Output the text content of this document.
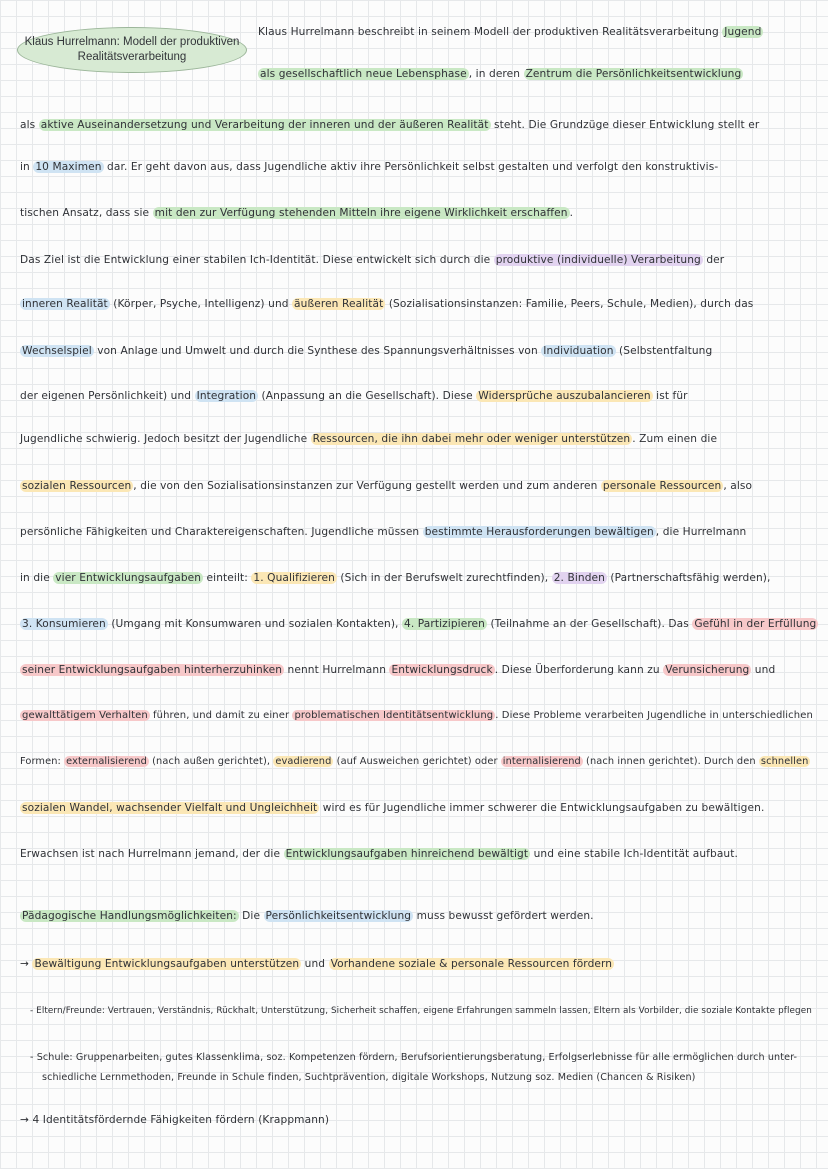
Klaus Hurrelmann: Modell der produktiven Realitätsverarbeitung
Klaus Hurrelmann beschreibt in seinem Modell der produktiven Realitätsverarbeitung Jugend
als gesellschaftlich neue Lebensphase , in deren Zentrum die Persönlichkeitsentwicklung
als aktive Auseinandersetzung und Verarbeitung der inneren und der äußeren Realität steht. Die Grundzüge dieser Entwicklung stellt er
in 10 Maximen dar. Er geht davon aus, dass Jugendliche aktiv ihre Persönlichkeit selbst gestalten und verfolgt den konstruktivis-
tischen Ansatz, dass sie mit den zur Verfügung stehenden Mitteln ihre eigene Wirklichkeit erschaffen .
Das Ziel ist die Entwicklung einer stabilen Ich-Identität. Diese entwickelt sich durch die produktive (individuelle) Verarbeitung der
inneren Realität (Körper, Psyche, Intelligenz) und äußeren Realität (Sozialisationsinstanzen: Familie, Peers, Schule, Medien), durch das
Wechselspiel von Anlage und Umwelt und durch die Synthese des Spannungsverhältnisses von Individuation (Selbstentfaltung
der eigenen Persönlichkeit) und Integration (Anpassung an die Gesellschaft). Diese Widersprüche auszubalancieren ist für
Jugendliche schwierig. Jedoch besitzt der Jugendliche Ressourcen, die ihn dabei mehr oder weniger unterstützen . Zum einen die
sozialen Ressourcen , die von den Sozialisationsinstanzen zur Verfügung gestellt werden und zum anderen personale Ressourcen , also
persönliche Fähigkeiten und Charaktereigenschaften. Jugendliche müssen bestimmte Herausforderungen bewältigen , die Hurrelmann
in die vier Entwicklungsaufgaben einteilt: 1. Qualifizieren (Sich in der Berufswelt zurechtfinden), 2. Binden (Partnerschaftsfähig werden),
3. Konsumieren (Umgang mit Konsumwaren und sozialen Kontakten), 4. Partizipieren (Teilnahme an der Gesellschaft). Das Gefühl in der Erfüllung
seiner Entwicklungsaufgaben hinterherzuhinken nennt Hurrelmann Entwicklungsdruck . Diese Überforderung kann zu Verunsicherung und
gewalttätigem Verhalten führen, und damit zu einer problematischen Identitätsentwicklung . Diese Probleme verarbeiten Jugendliche in unterschiedlichen
Formen: externalisierend (nach außen gerichtet), evadierend (auf Ausweichen gerichtet) oder internalisierend (nach innen gerichtet). Durch den schnellen
sozialen Wandel, wachsender Vielfalt und Ungleichheit wird es für Jugendliche immer schwerer die Entwicklungsaufgaben zu bewältigen.
Erwachsen ist nach Hurrelmann jemand, der die Entwicklungsaufgaben hinreichend bewältigt und eine stabile Ich-Identität aufbaut.
Pädagogische Handlungsmöglichkeiten: Die Persönlichkeitsentwicklung muss bewusst gefördert werden.
→ Bewältigung Entwicklungsaufgaben unterstützen und Vorhandene soziale & personale Ressourcen fördern
- Eltern/Freunde: Vertrauen, Verständnis, Rückhalt, Unterstützung, Sicherheit schaffen, eigene Erfahrungen sammeln lassen, Eltern als Vorbilder, die soziale Kontakte pflegen
- Schule: Gruppenarbeiten, gutes Klassenklima, soz. Kompetenzen fördern, Berufsorientierungsberatung, Erfolgserlebnisse für alle ermöglichen durch unter-
schiedliche Lernmethoden, Freunde in Schule finden, Suchtprävention, digitale Workshops, Nutzung soz. Medien (Chancen & Risiken)
→ 4 Identitätsfördernde Fähigkeiten fördern (Krappmann)
